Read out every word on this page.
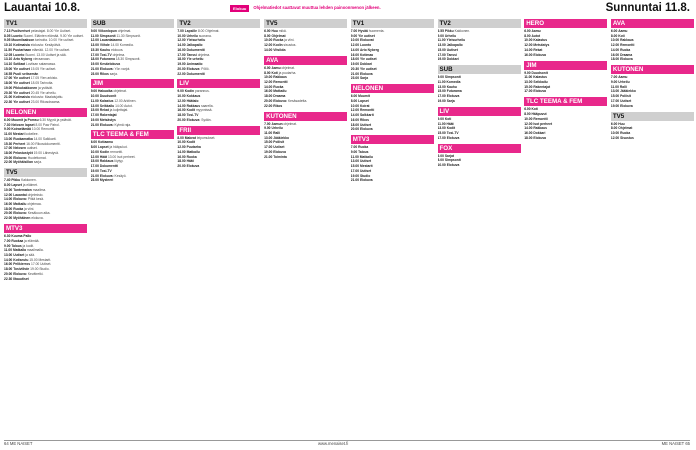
Lauantai 10.8.	Elokuu	Ohjelmatiedot saattavat muuttua lehden painoonmenon jälkeen.	Sunnuntai 11.8.
TV1
7.13 Puoliveriset pelastajat. 8.00 Yle Uutiset.
8.05 Luonto Suomi. Eläinten elämää. 9.00 Yle uutiset.
9.05 Muumilaakson tarinoita. 10.00 Yle uutiset.
10.10 Kotimaisia elokuvia: Kesäpäivä.
11.50 Puutarhaan elämää. 12.00 Yle uutiset.
12.05 Luonto Suomi. 13.00 Uutiset ja sää.
13.10 Arto Nyberg vieraanaan.
14.10 Sotilaat Loviisan satamassa.
15.00 Yle uutiset 15.05 Yle uutiset.
16.55 Puoli seitsemän
17.00 Yle uutiset 17.05 Ylen arkisto.
18.00 Yle uutiset 18.05 Tarinoita.
19.00 Pikkukakkonen ja ystävät.
20.30 Yle uutiset 20.45 Yle urheilu.
21.00 Kotimaisia elokuvia: Maalaisjuttu.
22.30 Yle uutiset 23.00 Rikosdraama.
NELONEN
6.00 Muumit ja Pomsu 6.30 Myyrä ja ystävät.
7.30 Nelosen lapset 8.00 Paw Patrol.
9.00 Koiraelämää 10.00 Remontti.
11.00 Mestari kokeilee.
13.00 Ruokamatka 14.00 Salkkarit.
15.30 Perheet 16.00 Rikosdokumentti.
17.00 Nelosen uutiset.
18.00 Pelastustyöt 19.00 Lähestyvä.
20.00 Elokuva: Huolettomat.
22.00 Myöhäisillan sarja.
TV5
7.40 Pikku Kakkonen.
8.00 Lapset ja eläimet.
10.00 Tuntematon maailma.
12.00 Lauantai ohjelmisto.
14.00 Elokuva: Pitkä kesä.
16.00 Matkailu ohjelmaa.
18.00 Ruoka ja viini.
20.00 Elokuva: Kesäkuun aika.
22.00 Myöhäinen elokuva.
MTV3
6.30 Kuuma Pallo
7.00 Ruokaa ja elämää.
9.00 Talous ja kodit.
11.00 Matkalla maailmalla.
13.00 Uutiset ja sää.
14.00 Kotiseutu 15.00 Mestarit.
16.00 Pelikierros 17.00 Uutiset.
18.00 Tosiviihde 19.00 Studio.
20.00 Elokuva: Kevätretki.
22.30 Iltauutiset
SUB
9.00 Viikonlopun ohjelmat.
11.00 Simpsonit 11.30 Simpsonit.
12.00 Lauantaiaamu
13.00 Viihde 14.00 Komedia.
15.30 Kauhu elokuva.
17.00 Tosi-TV ohjelma.
18.00 Futurama 18.30 Simpsonit.
19.00 Kesäelokuva
21.00 Elokuva: Yön varjot.
23.00 Rikos sarja.
JIM
9.00 Hakuaika ohjelmat.
10.00 Duudsonit
11.00 Kalastus 12.00 Arktinen.
13.00 Seikkailu 14.00 Autot.
15.00 Rekat ja kuljettajat.
17.00 Rakentajat
19.00 Metsästys
21.00 Elokuva: Kylmä raja.
TLC TEEMA & FEM
6.00 Kotiaamu
8.00 Lapset ja hääpukut.
10.00 Kodin remontti.
12.00 Häät 13.00 Isot perheet.
15.00 Rakkaus löytyy.
17.00 Dokumentti
19.00 Tosi-TV
21.00 Elokuva: Kesäyö.
23.00 Mysteeri
TV2
7.00 Lapsille 8.00 Ohjelmat.
10.00 Urheilu suorana.
12.00 Yleisurheilu
14.00 Jalkapallo
16.00 Dokumentti
17.00 Tanssi ohjelma.
18.00 Yle urheilu
19.00 Animaatio
20.00 Elokuva: Pöllö.
22.00 Dokumentti
LIV
9.00 Kodin parannus.
10.00 Kokkaus
12.00 Häätalo
14.00 Rakkaus saarella.
16.00 Kodit myynnissä.
18.00 Tosi-TV
20.00 Elokuva: Sydän.
FRII
8.00 Makeat leipomukset.
10.00 Kodit
12.00 Puutarha
14.00 Matkailu
16.00 Ruoka
18.00 Häät
20.00 Elokuva
TV5
6.00 Huu mikä.
8.00 Ohjelmat
10.00 Ruoka ja viini.
12.00 Kodin sisustus.
14.00 Vitsikäs
AVA
6.00 Aamu ohjelmat.
8.00 Koti ja puutarha.
10.00 Rakkaus
12.00 Remontti
14.00 Ruoka
16.00 Matkailu
18.00 Draama
20.00 Elokuva: Kesäsadetta.
22.00 Rikos
KUTONEN
7.00 Aamun ohjelmat.
9.00 Urheilu
11.00 Ralli
13.00 Jääkiekko
15.00 Poliisit
17.00 Uutiset
19.00 Elokuva
21.00 Toiminta
TV1
7.00 Hyvää huomenta.
9.00 Yle uutiset
10.00 Elokuvat
12.00 Luonto
14.00 Arto Nyberg
16.00 Kotimaa
18.00 Yle uutiset
19.00 Dokkari
20.30 Yle uutiset
21.00 Elokuva
23.00 Sarja
NELONEN
6.00 Muumit
8.00 Lapset
10.00 Koirat
12.00 Remontti
14.00 Salkkarit
16.00 Rikos
18.00 Uutiset
20.00 Elokuva
MTV3
7.00 Ruoka
9.00 Talous
11.00 Matkailu
13.00 Uutiset
15.00 Mestarit
17.00 Uutiset
19.00 Studio
21.00 Elokuva
TV2
6.55 Pikku Kakkonen.
9.00 Urheilu
11.00 Yleisurheilu
13.00 Jalkapallo
15.00 Uutiset
17.00 Tanssi
19.00 Dokkari
SUB
9.00 Simpsonit
11.00 Komedia
13.00 Kauhu
15.00 Futurama
17.00 Elokuva
19.00 Sarja
LIV
9.00 Koti
11.00 Häät
13.00 Kodit
15.00 Tosi-TV
17.00 Elokuva
FOX
6.00 Sarjat
8.00 Simpsonit
10.00 Elokuva
HERO
6.00 Aamu
8.00 Autot
10.00 Kalastus
12.00 Metsästys
14.00 Rekat
16.00 Elokuva
JIM
9.00 Duudsonit
11.00 Kalastus
13.00 Seikkailu
15.00 Rakentajat
17.00 Elokuva
TLC TEEMA & FEM
6.00 Koti
8.00 Hääpuvut
10.00 Remontti
12.00 Isot perheet
14.00 Rakkaus
16.00 Dokkari
18.00 Elokuva
AVA
6.00 Aamu
8.00 Koti
10.00 Rakkaus
12.00 Remontti
14.00 Ruoka
16.00 Draama
18.00 Elokuva
KUTONEN
7.00 Aamu
9.00 Urheilu
11.00 Ralli
13.00 Jääkiekko
15.00 Poliisit
17.00 Uutiset
19.00 Elokuva
TV5
6.00 Huu
8.00 Ohjelmat
10.00 Ruoka
12.00 Sisustus
64 ME NAISET	www.menaiset.fi	ME NAISET 65
